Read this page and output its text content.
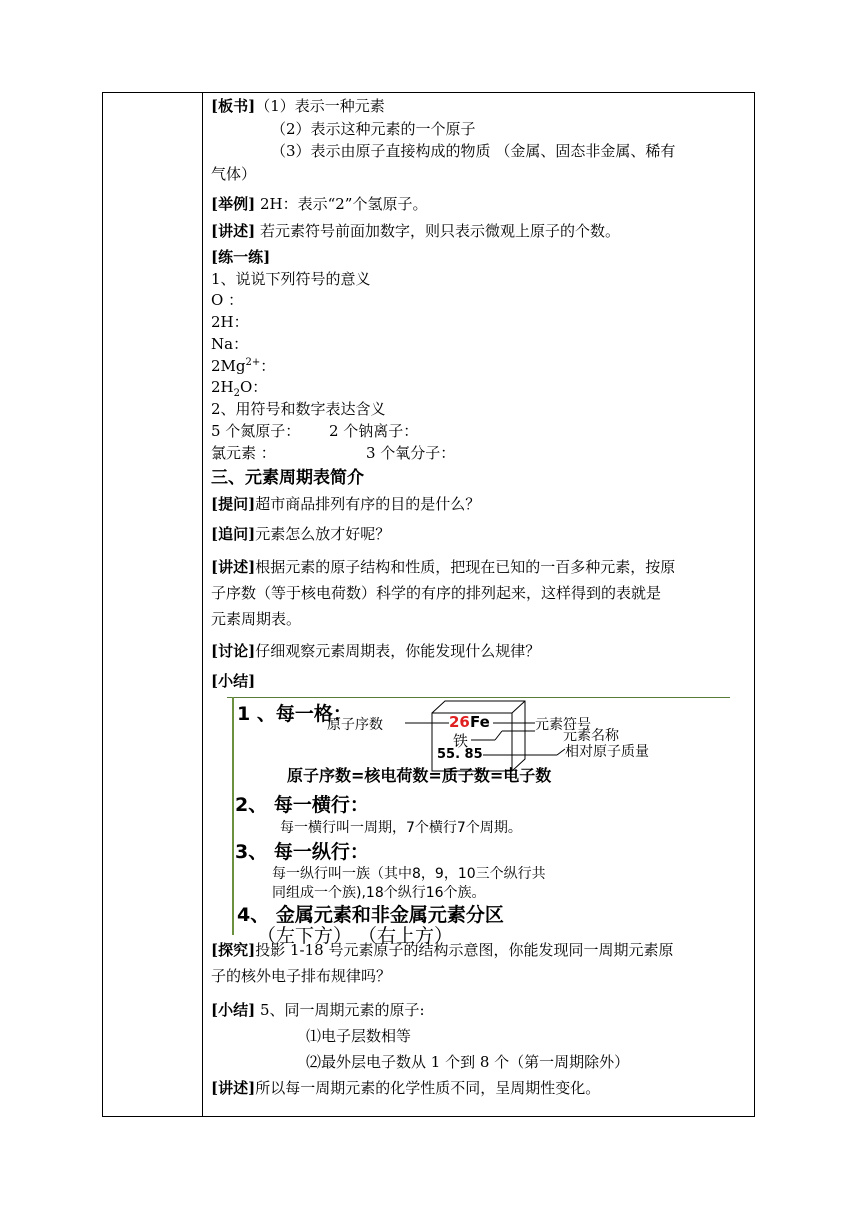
[板书]（1）表示一种元素
（2）表示这种元素的一个原子
（3）表示由原子直接构成的物质 （金属、固态非金属、稀有
气体）
[举例] 2H：表示“2”个氢原子。
[讲述] 若元素符号前面加数字，则只表示微观上原子的个数。
[练一练]
1、说说下列符号的意义
O ：
2H：
Na：
$2Mg^{2+}$：
$2H_2O$：
2、用符号和数字表达含义
5 个氮原子： 2 个钠离子：
氯元素 ：	3 个氧分子：
三、元素周期表简介
[提问]超市商品排列有序的目的是什么？
[追问]元素怎么放才好呢？
[讲述]根据元素的原子结构和性质，把现在已知的一百多种元素，按原
子序数（等于核电荷数）科学的有序的排列起来，这样得到的表就是
元素周期表。
[讨论]仔细观察元素周期表，你能发现什么规律？
[小结]
1 、每一格：
原子序数	26 Fe	元素符号
铁	元素名称
55. 85	相对原子质量
原子序数=核电荷数=质子数=电子数
2、 每一横行：
每一横行叫一周期，7个横行7个周期。
3、 每一纵行：
每一纵行叫一族（其中8，9，10三个纵行共
同组成一个族),18个纵行16个族。
4、 金属元素和非金属元素分区
（左下方） （右上方）
[探究]投影 1-18 号元素原子的结构示意图，你能发现同一周期元素原
子的核外电子排布规律吗？
[小结] 5、同一周期元素的原子:
⑴电子层数相等
⑵最外层电子数从 1 个到 8 个（第一周期除外）
[讲述]所以每一周期元素的化学性质不同，呈周期性变化。
